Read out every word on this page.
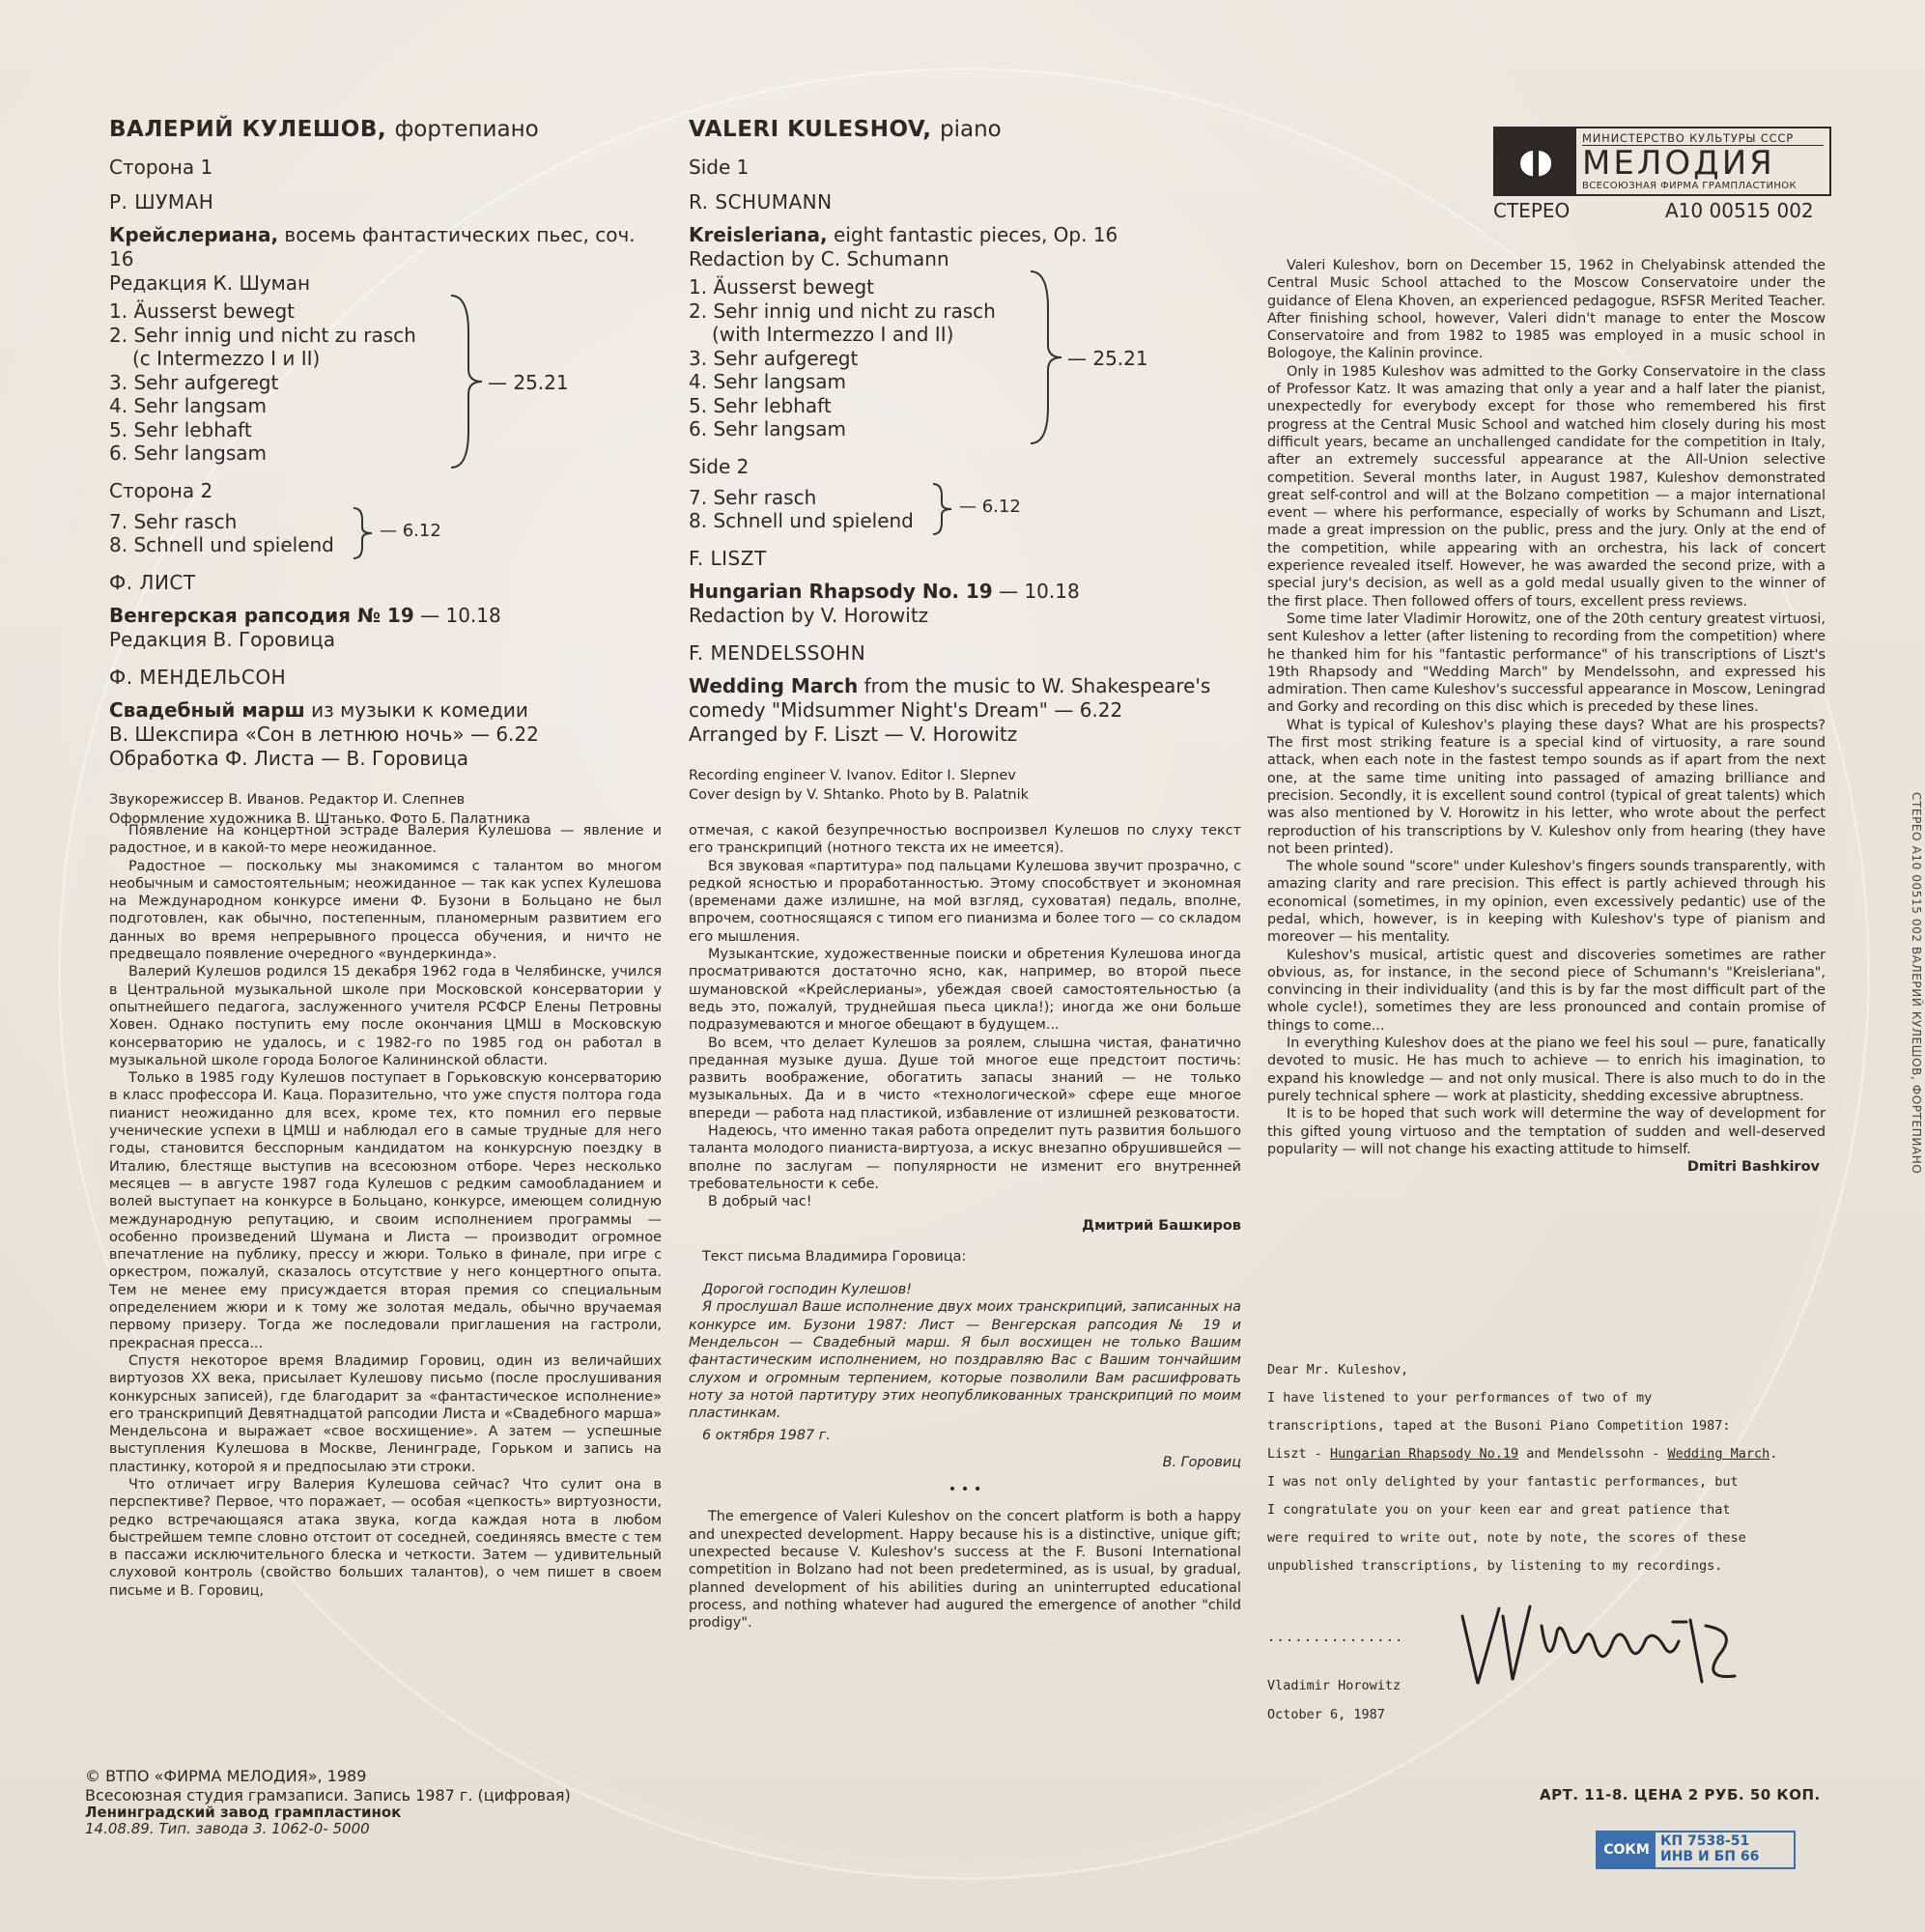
◖◗
МИНИСТЕРСТВО КУЛЬТУРЫ СССР
МЕЛОДИЯ
ВСЕСОЮЗНАЯ ФИРМА ГРАМПЛАСТИНОК
СТЕРЕО	А10 00515 002
ВАЛЕРИЙ КУЛЕШОВ, фортепиано
Сторона 1
Р. ШУМАН
Крейслериана, восемь фантастических пьес, соч. 16
Редакция К. Шуман
1. Äusserst bewegt
2. Sehr innig und nicht zu rasch
(с Intermezzo I и II)
3. Sehr aufgeregt
4. Sehr langsam
5. Sehr lebhaft
6. Sehr langsam
— 25.21
Сторона 2
7. Sehr rasch
8. Schnell und spielend
— 6.12
Ф. ЛИСТ
Венгерская рапсодия № 19 — 10.18
Редакция В. Горовица
Ф. МЕНДЕЛЬСОН
Свадебный марш из музыки к комедии
В. Шекспира «Сон в летнюю ночь» — 6.22
Обработка Ф. Листа — В. Горовица
Звукорежиссер В. Иванов. Редактор И. Слепнев
Оформление художника В. Штанько. Фото Б. Палатника
VALERI KULESHOV, piano
Side 1
R. SCHUMANN
Kreisleriana, eight fantastic pieces, Op. 16
Redaction by C. Schumann
1. Äusserst bewegt
2. Sehr innig und nicht zu rasch
(with Intermezzo I and II)
3. Sehr aufgeregt
4. Sehr langsam
5. Sehr lebhaft
6. Sehr langsam
— 25.21
Side 2
7. Sehr rasch
8. Schnell und spielend
— 6.12
F. LISZT
Hungarian Rhapsody No. 19 — 10.18
Redaction by V. Horowitz
F. MENDELSSOHN
Wedding March from the music to W. Shakespeare's
comedy "Midsummer Night's Dream" — 6.22
Arranged by F. Liszt — V. Horowitz
Recording engineer V. Ivanov. Editor I. Slepnev
Cover design by V. Shtanko. Photo by B. Palatnik

Появление на концертной эстраде Валерия Кулешова — явление и радостное, и в какой-то мере неожиданное.

Радостное — поскольку мы знакомимся с талантом во многом необычным и самостоятельным; неожиданное — так как успех Кулешова на Международном конкурсе имени Ф. Бузони в Больцано не был подготовлен, как обычно, постепенным, планомерным развитием его данных во время непрерывного процесса обучения, и ничто не предвещало появление очередного «вундеркинда».

Валерий Кулешов родился 15 декабря 1962 года в Челябинске, учился в Центральной музыкальной школе при Московской консерватории у опытнейшего педагога, заслуженного учителя РСФСР Елены Петровны Ховен. Однако поступить ему после окончания ЦМШ в Московскую консерваторию не удалось, и с 1982-го по 1985 год он работал в музыкальной школе города Бологое Калининской области.

Только в 1985 году Кулешов поступает в Горьковскую консерваторию в класс профессора И. Каца. Поразительно, что уже спустя полтора года пианист неожиданно для всех, кроме тех, кто помнил его первые ученические успехи в ЦМШ и наблюдал его в самые трудные для него годы, становится бесспорным кандидатом на конкурсную поездку в Италию, блестяще выступив на всесоюзном отборе. Через несколько месяцев — в августе 1987 года Кулешов с редким самообладанием и волей выступает на конкурсе в Больцано, конкурсе, имеющем солидную международную репутацию, и своим исполнением программы — особенно произведений Шумана и Листа — производит огромное впечатление на публику, прессу и жюри. Только в финале, при игре с оркестром, пожалуй, сказалось отсутствие у него концертного опыта. Тем не менее ему присуждается вторая премия со специальным определением жюри и к тому же золотая медаль, обычно вручаемая первому призеру. Тогда же последовали приглашения на гастроли, прекрасная пресса...

Спустя некоторое время Владимир Горовиц, один из величайших виртуозов XX века, присылает Кулешову письмо (после прослушивания конкурсных записей), где благодарит за «фантастическое исполнение» его транскрипций Девятнадцатой рапсодии Листа и «Свадебного марша» Мендельсона и выражает «свое восхищение». А затем — успешные выступления Кулешова в Москве, Ленинграде, Горьком и запись на пластинку, которой я и предпосылаю эти строки.

Что отличает игру Валерия Кулешова сейчас? Что сулит она в перспективе? Первое, что поражает, — особая «цепкость» виртуозности, редко встречающаяся атака звука, когда каждая нота в любом быстрейшем темпе словно отстоит от соседней, соединяясь вместе с тем в пассажи исключительного блеска и четкости. Затем — удивительный слуховой контроль (свойство больших талантов), о чем пишет в своем письме и В. Горовиц,

отмечая, с какой безупречностью воспроизвел Кулешов по слуху текст его транскрипций (нотного текста их не имеется).

Вся звуковая «партитура» под пальцами Кулешова звучит прозрачно, с редкой ясностью и проработанностью. Этому способствует и экономная (временами даже излишне, на мой взгляд, суховатая) педаль, вполне, впрочем, соотносящаяся с типом его пианизма и более того — со складом его мышления.

Музыкантские, художественные поиски и обретения Кулешова иногда просматриваются достаточно ясно, как, например, во второй пьесе шумановской «Крейслерианы», убеждая своей самостоятельностью (а ведь это, пожалуй, труднейшая пьеса цикла!); иногда же они больше подразумеваются и многое обещают в будущем...

Во всем, что делает Кулешов за роялем, слышна чистая, фанатично преданная музыке душа. Душе той многое еще предстоит постичь: развить воображение, обогатить запасы знаний — не только музыкальных. Да и в чисто «технологической» сфере еще многое впереди — работа над пластикой, избавление от излишней резковатости.

Надеюсь, что именно такая работа определит путь развития большого таланта молодого пианиста-виртуоза, а искус внезапно обрушившейся — вполне по заслугам — популярности не изменит его внутренней требовательности к себе.

В добрый час!

Дмитрий Башкиров

Текст письма Владимира Горовица:

Дорогой господин Кулешов!

Я прослушал Ваше исполнение двух моих транскрипций, записанных на конкурсе им. Бузони 1987: Лист — Венгерская рапсодия № 19 и Мендельсон — Свадебный марш. Я был восхищен не только Вашим фантастическим исполнением, но поздравляю Вас с Вашим тончайшим слухом и огромным терпением, которые позволили Вам расшифровать ноту за нотой партитуру этих неопубликованных транскрипций по моим пластинкам.

6 октября 1987 г.

В. Горовиц
• • •

The emergence of Valeri Kuleshov on the concert platform is both a happy and unexpected development. Happy because his is a distinctive, unique gift; unexpected because V. Kuleshov's success at the F. Busoni International competition in Bolzano had not been predetermined, as is usual, by gradual, planned development of his abilities during an uninterrupted educational process, and nothing whatever had augured the emergence of another "child prodigy".

Valeri Kuleshov, born on December 15, 1962 in Chelyabinsk attended the Central Music School attached to the Moscow Conservatoire under the guidance of Elena Khoven, an experienced pedagogue, RSFSR Merited Teacher. After finishing school, however, Valeri didn't manage to enter the Moscow Conservatoire and from 1982 to 1985 was employed in a music school in Bologoye, the Kalinin province.

Only in 1985 Kuleshov was admitted to the Gorky Conservatoire in the class of Professor Katz. It was amazing that only a year and a half later the pianist, unexpectedly for everybody except for those who remembered his first progress at the Central Music School and watched him closely during his most difficult years, became an unchallenged candidate for the competition in Italy, after an extremely successful appearance at the All-Union selective competition. Several months later, in August 1987, Kuleshov demonstrated great self-control and will at the Bolzano competition — a major international event — where his performance, especially of works by Schumann and Liszt, made a great impression on the public, press and the jury. Only at the end of the competition, while appearing with an orchestra, his lack of concert experience revealed itself. However, he was awarded the second prize, with a special jury's decision, as well as a gold medal usually given to the winner of the first place. Then followed offers of tours, excellent press reviews.

Some time later Vladimir Horowitz, one of the 20th century greatest virtuosi, sent Kuleshov a letter (after listening to recording from the competition) where he thanked him for his "fantastic performance" of his transcriptions of Liszt's 19th Rhapsody and "Wedding March" by Mendelssohn, and expressed his admiration. Then came Kuleshov's successful appearance in Moscow, Leningrad and Gorky and recording on this disc which is preceded by these lines.

What is typical of Kuleshov's playing these days? What are his prospects? The first most striking feature is a special kind of virtuosity, a rare sound attack, when each note in the fastest tempo sounds as if apart from the next one, at the same time uniting into passaged of amazing brilliance and precision. Secondly, it is excellent sound control (typical of great talents) which was also mentioned by V. Horowitz in his letter, who wrote about the perfect reproduction of his transcriptions by V. Kuleshov only from hearing (they have not been printed).

The whole sound "score" under Kuleshov's fingers sounds transparently, with amazing clarity and rare precision. This effect is partly achieved through his economical (sometimes, in my opinion, even excessively pedantic) use of the pedal, which, however, is in keeping with Kuleshov's type of pianism and moreover — his mentality.

Kuleshov's musical, artistic quest and discoveries sometimes are rather obvious, as, for instance, in the second piece of Schumann's "Kreisleriana", convincing in their individuality (and this is by far the most difficult part of the whole cycle!), sometimes they are less pronounced and contain promise of things to come...

In everything Kuleshov does at the piano we feel his soul — pure, fanatically devoted to music. He has much to achieve — to enrich his imagination, to expand his knowledge — and not only musical. There is also much to do in the purely technical sphere — work at plasticity, shedding excessive abruptness.

It is to be hoped that such work will determine the way of development for this gifted young virtuoso and the temptation of sudden and well-deserved popularity — will not change his exacting attitude to himself.

Dmitri Bashkirov
Dear Mr. Kuleshov,
I have listened to your performances of two of my
transcriptions, taped at the Busoni Piano Competition 1987:
Liszt - Hungarian Rhapsody No.19 and Mendelssohn - Wedding March.
I was not only delighted by your fantastic performances, but
I congratulate you on your keen ear and great patience that
were required to write out, note by note, the scores of these
unpublished transcriptions, by listening to my recordings.
...............
Vladimir Horowitz
October 6, 1987
© ВТПО «ФИРМА МЕЛОДИЯ», 1989
Всесоюзная студия грамзаписи. Запись 1987 г. (цифровая)
Ленинградский завод грампластинок
14.08.89. Тип. завода 3. 1062-0- 5000
АРТ. 11-8. ЦЕНА 2 РУБ. 50 КОП.
СОКМ
КП 7538-51
ИНВ И БП 66
СТЕРЕО А10 00515 002 ВАЛЕРИЙ КУЛЕШОВ, ФОРТЕПИАНО
